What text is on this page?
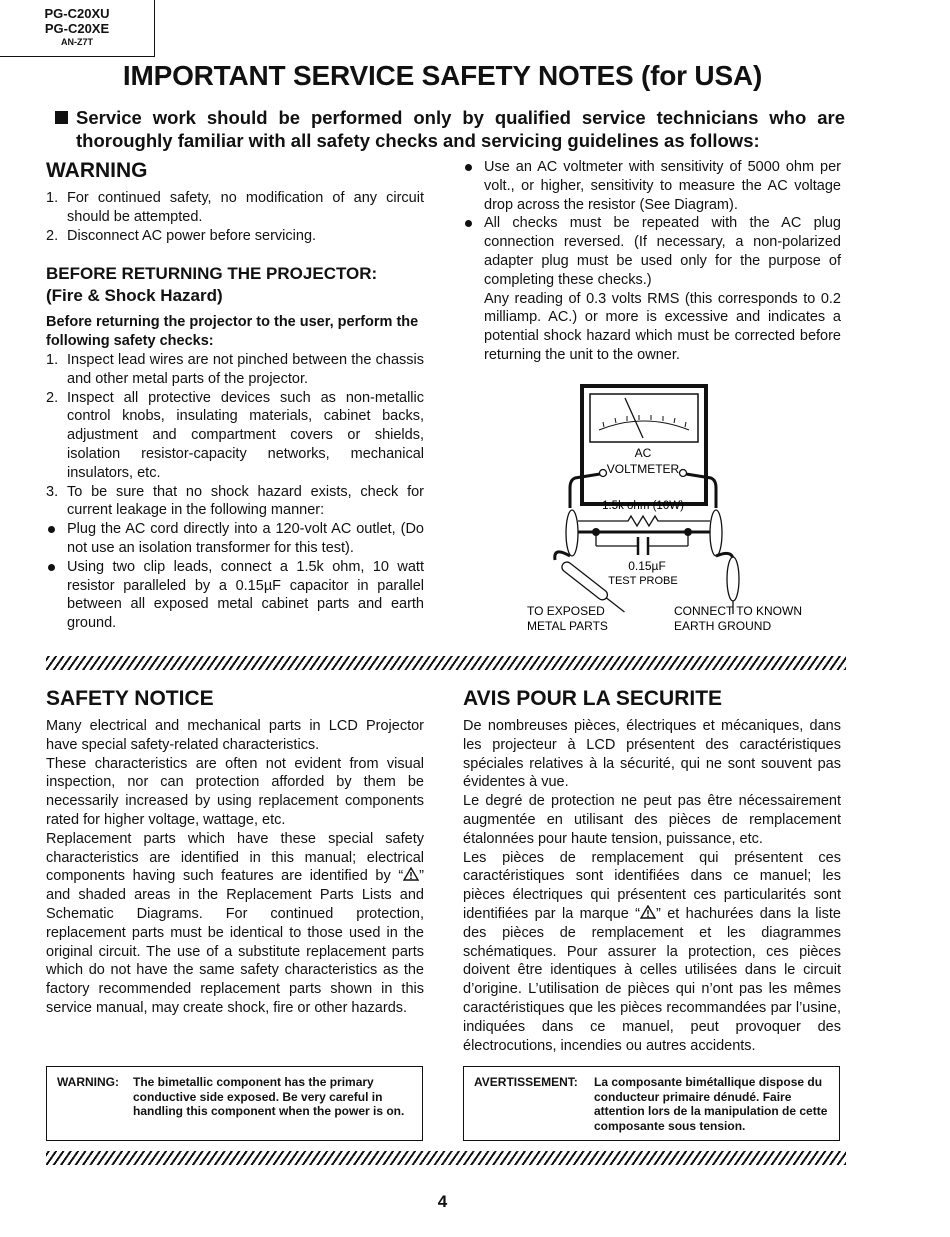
PG-C20XU
PG-C20XE
AN-Z7T
IMPORTANT SERVICE SAFETY NOTES (for USA)
Service work should be performed only by qualified service technicians who are thoroughly familiar with all safety checks and servicing guidelines as follows:
WARNING
1. For continued safety, no modification of any circuit should be attempted.
2. Disconnect AC power before servicing.
BEFORE RETURNING THE PROJECTOR:
(Fire & Shock Hazard)

Before returning the projector to the user, perform the following safety checks:

1. Inspect lead wires are not pinched between the chassis and other metal parts of the projector.
2. Inspect all protective devices such as non-metallic control knobs, insulating materials, cabinet backs, adjustment and compartment covers or shields, isolation resistor-capacity networks, mechanical insulators, etc.
3. To be sure that no shock hazard exists, check for current leakage in the following manner:
Plug the AC cord directly into a 120-volt AC outlet, (Do not use an isolation transformer for this test).
Using two clip leads, connect a 1.5k ohm, 10 watt resistor paralleled by a 0.15µF capacitor in parallel between all exposed metal cabinet parts and earth ground.
Use an AC voltmeter with sensitivity of 5000 ohm per volt., or higher, sensitivity to measure the AC voltage drop across the resistor (See Diagram).
All checks must be repeated with the AC plug connection reversed. (If necessary, a non-polarized adapter plug must be used only for the purpose of completing these checks.)

Any reading of 0.3 volts RMS (this corresponds to 0.2 milliamp. AC.) or more is excessive and indicates a potential shock hazard which must be corrected before returning the unit to the owner.

AC
VOLTMETER
1.5k ohm (10W)
0.15µF
TEST PROBE
TO EXPOSED
METAL PARTS
CONNECT TO KNOWN
EARTH GROUND
SAFETY NOTICE

Many electrical and mechanical parts in LCD Projector have special safety-related characteristics.

These characteristics are often not evident from visual inspection, nor can protection afforded by them be necessarily increased by using replacement components rated for higher voltage, wattage, etc.

Replacement parts which have these special safety characteristics are identified in this manual; electrical components having such features are identified by “ ” and shaded areas in the Replacement Parts Lists and Schematic Diagrams. For continued protection, replacement parts must be identical to those used in the original circuit. The use of a substitute replacement parts which do not have the same safety characteristics as the factory recommended replacement parts shown in this service manual, may create shock, fire or other hazards.

AVIS POUR LA SECURITE

De nombreuses pièces, électriques et mécaniques, dans les projecteur à LCD présentent des caractéristiques spéciales relatives à la sécurité, qui ne sont souvent pas évidentes à vue.

Le degré de protection ne peut pas être nécessairement augmentée en utilisant des pièces de remplacement étalonnées pour haute tension, puissance, etc.

Les pièces de remplacement qui présentent ces caractéristiques sont identifiées dans ce manuel; les pièces électriques qui présentent ces particularités sont identifiées par la marque “ ” et hachurées dans la liste des pièces de remplacement et les diagrammes schématiques. Pour assurer la protection, ces pièces doivent être identiques à celles utilisées dans le circuit d’origine. L’utilisation de pièces qui n’ont pas les mêmes caractéristiques que les pièces recommandées par l’usine, indiquées dans ce manuel, peut provoquer des électrocutions, incendies ou autres accidents.

WARNING:	The bimetallic component has the primary conductive side exposed. Be very careful in handling this component when the power is on.
AVERTISSEMENT:	La composante bimétallique dispose du conducteur primaire dénudé. Faire attention lors de la manipulation de cette composante sous tension.
4
